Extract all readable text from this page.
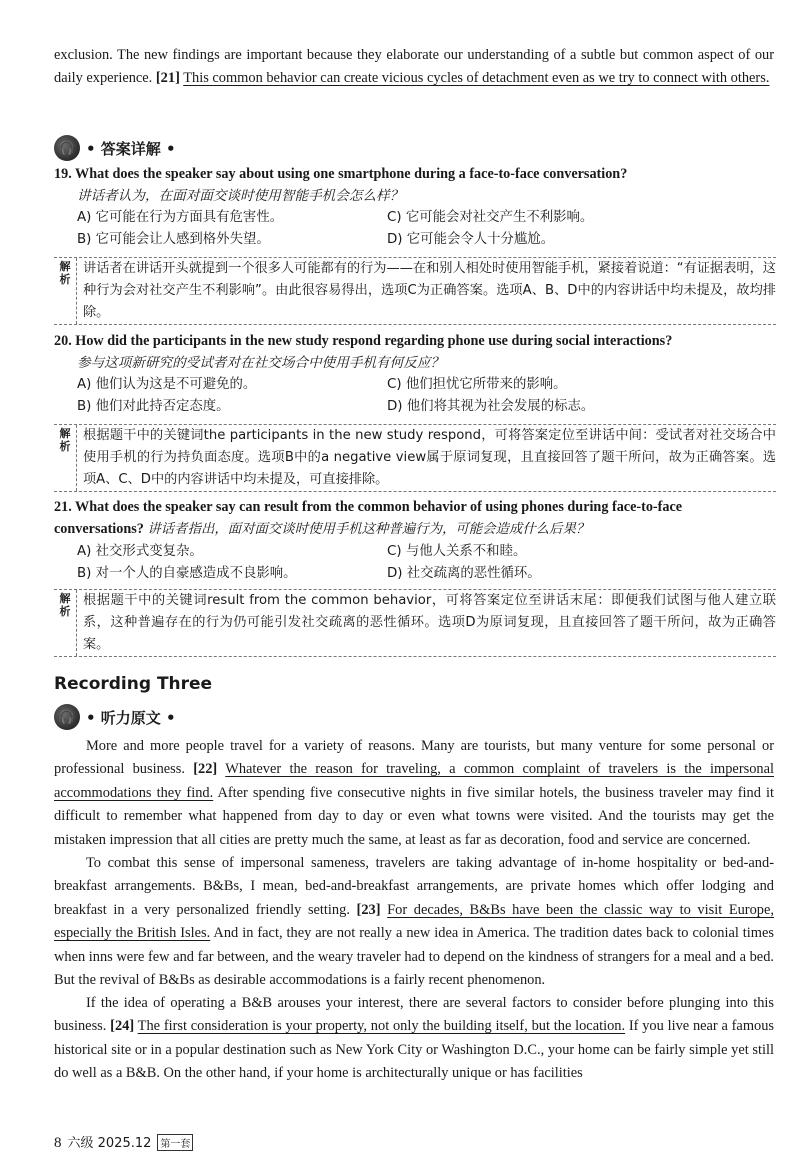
exclusion. The new findings are important because they elaborate our understanding of a subtle but common aspect of our daily experience. [21] This common behavior can create vicious cycles of detachment even as we try to connect with others.
🎧 • 答案详解 •
19. What does the speaker say about using one smartphone during a face-to-face conversation?
讲话者认为，在面对面交谈时使用智能手机会怎么样？
A) 它可能在行为方面具有危害性。	C) 它可能会对社交产生不利影响。
B) 它可能会让人感到格外失望。	D) 它可能会令人十分尴尬。
解
析
讲话者在讲话开头就提到一个很多人可能都有的行为——在和别人相处时使用智能手机，紧接着说道：“有证据表明，这种行为会对社交产生不利影响”。由此很容易得出，选项C为正确答案。选项A、B、D中的内容讲话中均未提及，故均排除。
20. How did the participants in the new study respond regarding phone use during social interactions?
参与这项新研究的受试者对在社交场合中使用手机有何反应？
A) 他们认为这是不可避免的。	C) 他们担忧它所带来的影响。
B) 他们对此持否定态度。	D) 他们将其视为社会发展的标志。
解
析
根据题干中的关键词the participants in the new study respond，可将答案定位至讲话中间：受试者对社交场合中使用手机的行为持负面态度。选项B中的a negative view属于原词复现，且直接回答了题干所问，故为正确答案。选项A、C、D中的内容讲话中均未提及，可直接排除。
21. What does the speaker say can result from the common behavior of using phones during face-to-face conversations? 讲话者指出，面对面交谈时使用手机这种普遍行为，可能会造成什么后果？
A) 社交形式变复杂。	C) 与他人关系不和睦。
B) 对一个人的自豪感造成不良影响。	D) 社交疏离的恶性循环。
解
析
根据题干中的关键词result from the common behavior，可将答案定位至讲话末尾：即便我们试图与他人建立联系，这种普遍存在的行为仍可能引发社交疏离的恶性循环。选项D为原词复现，且直接回答了题干所问，故为正确答案。
Recording Three
🎧 • 听力原文 •
More and more people travel for a variety of reasons. Many are tourists, but many venture for some personal or professional business. [22] Whatever the reason for traveling, a common complaint of travelers is the impersonal accommodations they find. After spending five consecutive nights in five similar hotels, the business traveler may find it difficult to remember what happened from day to day or even what towns were visited. And the tourists may get the mistaken impression that all cities are pretty much the same, at least as far as decoration, food and service are concerned.
To combat this sense of impersonal sameness, travelers are taking advantage of in-home hospitality or bed-and-breakfast arrangements. B&Bs, I mean, bed-and-breakfast arrangements, are private homes which offer lodging and breakfast in a very personalized friendly setting. [23] For decades, B&Bs have been the classic way to visit Europe, especially the British Isles. And in fact, they are not really a new idea in America. The tradition dates back to colonial times when inns were few and far between, and the weary traveler had to depend on the kindness of strangers for a meal and a bed. But the revival of B&Bs as desirable accommodations is a fairly recent phenomenon.
If the idea of operating a B&B arouses your interest, there are several factors to consider before plunging into this business. [24] The first consideration is your property, not only the building itself, but the location. If you live near a famous historical site or in a popular destination such as New York City or Washington D.C., your home can be fairly simple yet still do well as a B&B. On the other hand, if your home is architecturally unique or has facilities
8 六级 2025.12 第一套
